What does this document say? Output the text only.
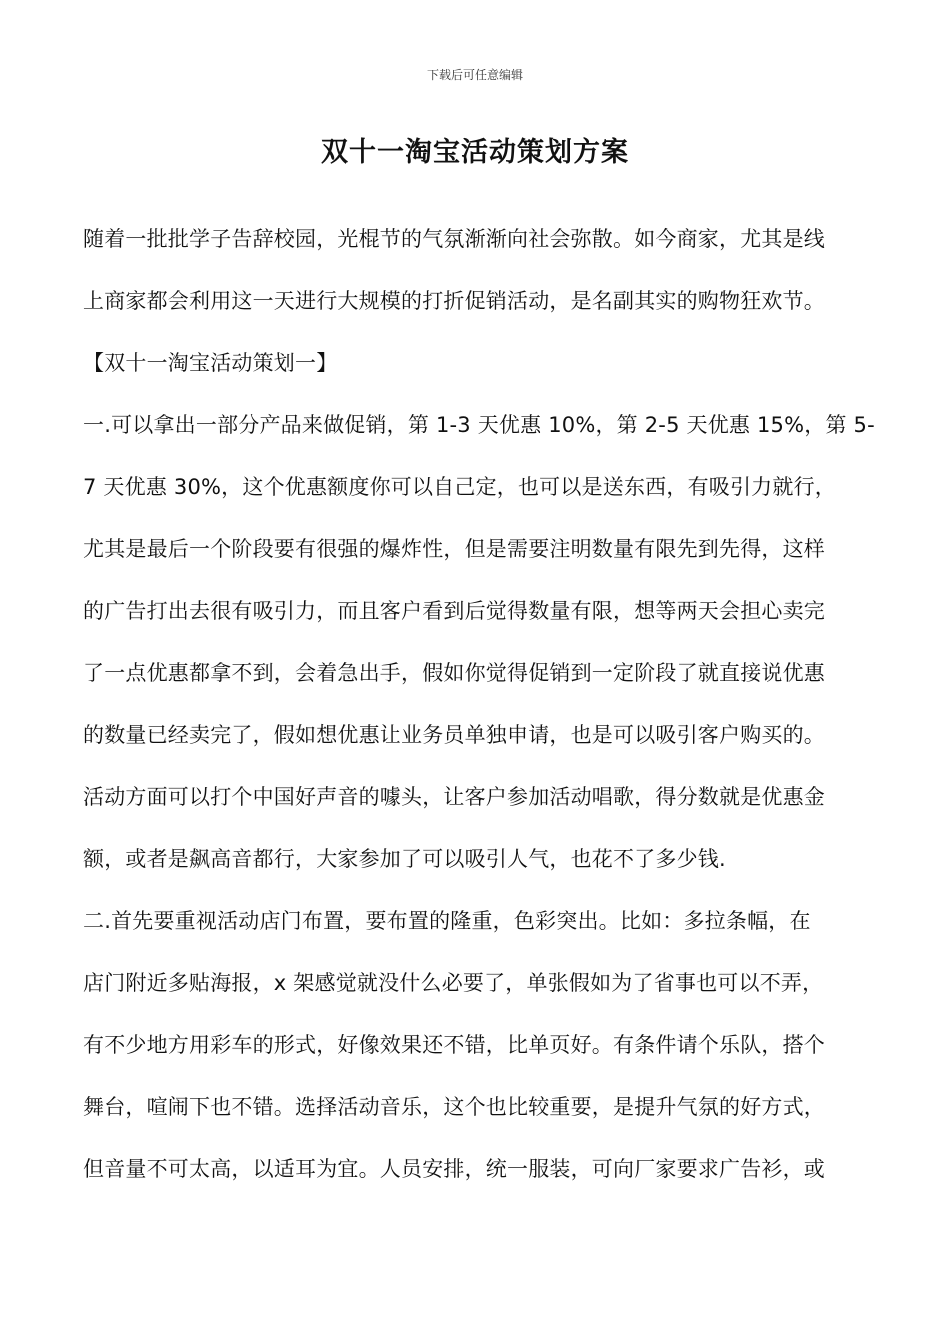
下载后可任意编辑
双十一淘宝活动策划方案
随着一批批学子告辞校园，光棍节的气氛渐渐向社会弥散。如今商家，尤其是线
上商家都会利用这一天进行大规模的打折促销活动，是名副其实的购物狂欢节。
【双十一淘宝活动策划一】
一.可以拿出一部分产品来做促销，第 1-3 天优惠 10%，第 2-5 天优惠 15%，第 5-
7 天优惠 30%，这个优惠额度你可以自己定，也可以是送东西，有吸引力就行，
尤其是最后一个阶段要有很强的爆炸性，但是需要注明数量有限先到先得，这样
的广告打出去很有吸引力，而且客户看到后觉得数量有限，想等两天会担心卖完
了一点优惠都拿不到，会着急出手，假如你觉得促销到一定阶段了就直接说优惠
的数量已经卖完了，假如想优惠让业务员单独申请，也是可以吸引客户购买的。
活动方面可以打个中国好声音的噱头，让客户参加活动唱歌，得分数就是优惠金
额，或者是飙高音都行，大家参加了可以吸引人气，也花不了多少钱.
二.首先要重视活动店门布置，要布置的隆重，色彩突出。比如：多拉条幅，在
店门附近多贴海报，x 架感觉就没什么必要了，单张假如为了省事也可以不弄，
有不少地方用彩车的形式，好像效果还不错，比单页好。有条件请个乐队，搭个
舞台，喧闹下也不错。选择活动音乐，这个也比较重要，是提升气氛的好方式，
但音量不可太高，以适耳为宜。人员安排，统一服装，可向厂家要求广告衫，或
